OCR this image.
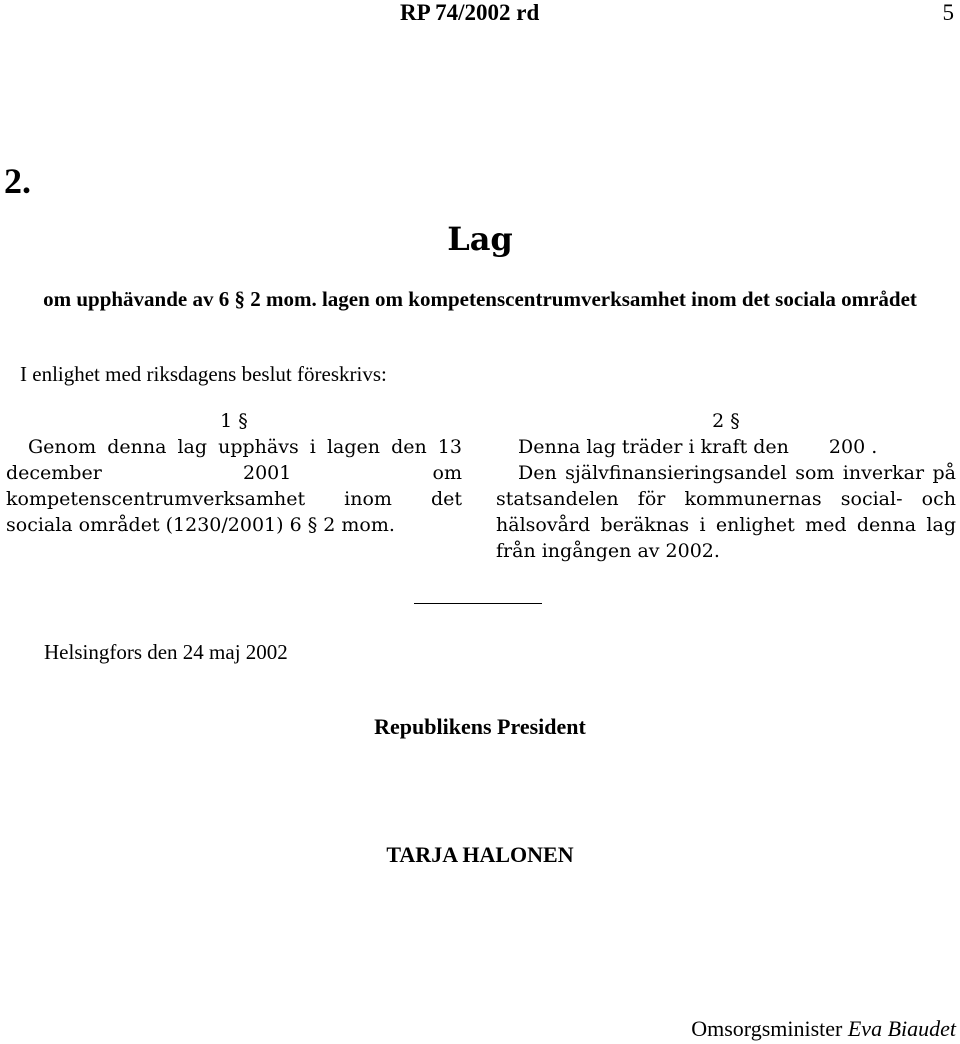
RP 74/2002 rd	5
2.
Lag
om upphävande av 6 § 2 mom. lagen om kompetenscentrumverksamhet inom det sociala området
I enlighet med riksdagens beslut föreskrivs:
1 §
Genom denna lag upphävs i lagen den 13 december 2001 om kompetenscentrumverksamhet inom det sociala området (1230/2001) 6 § 2 mom.
2 §
Denna lag träder i kraft den 200 .
Den självfinansieringsandel som inverkar på statsandelen för kommunernas social- och hälsovård beräknas i enlighet med denna lag från ingången av 2002.
Helsingfors den 24 maj 2002
Republikens President
TARJA HALONEN
Omsorgsminister Eva Biaudet
